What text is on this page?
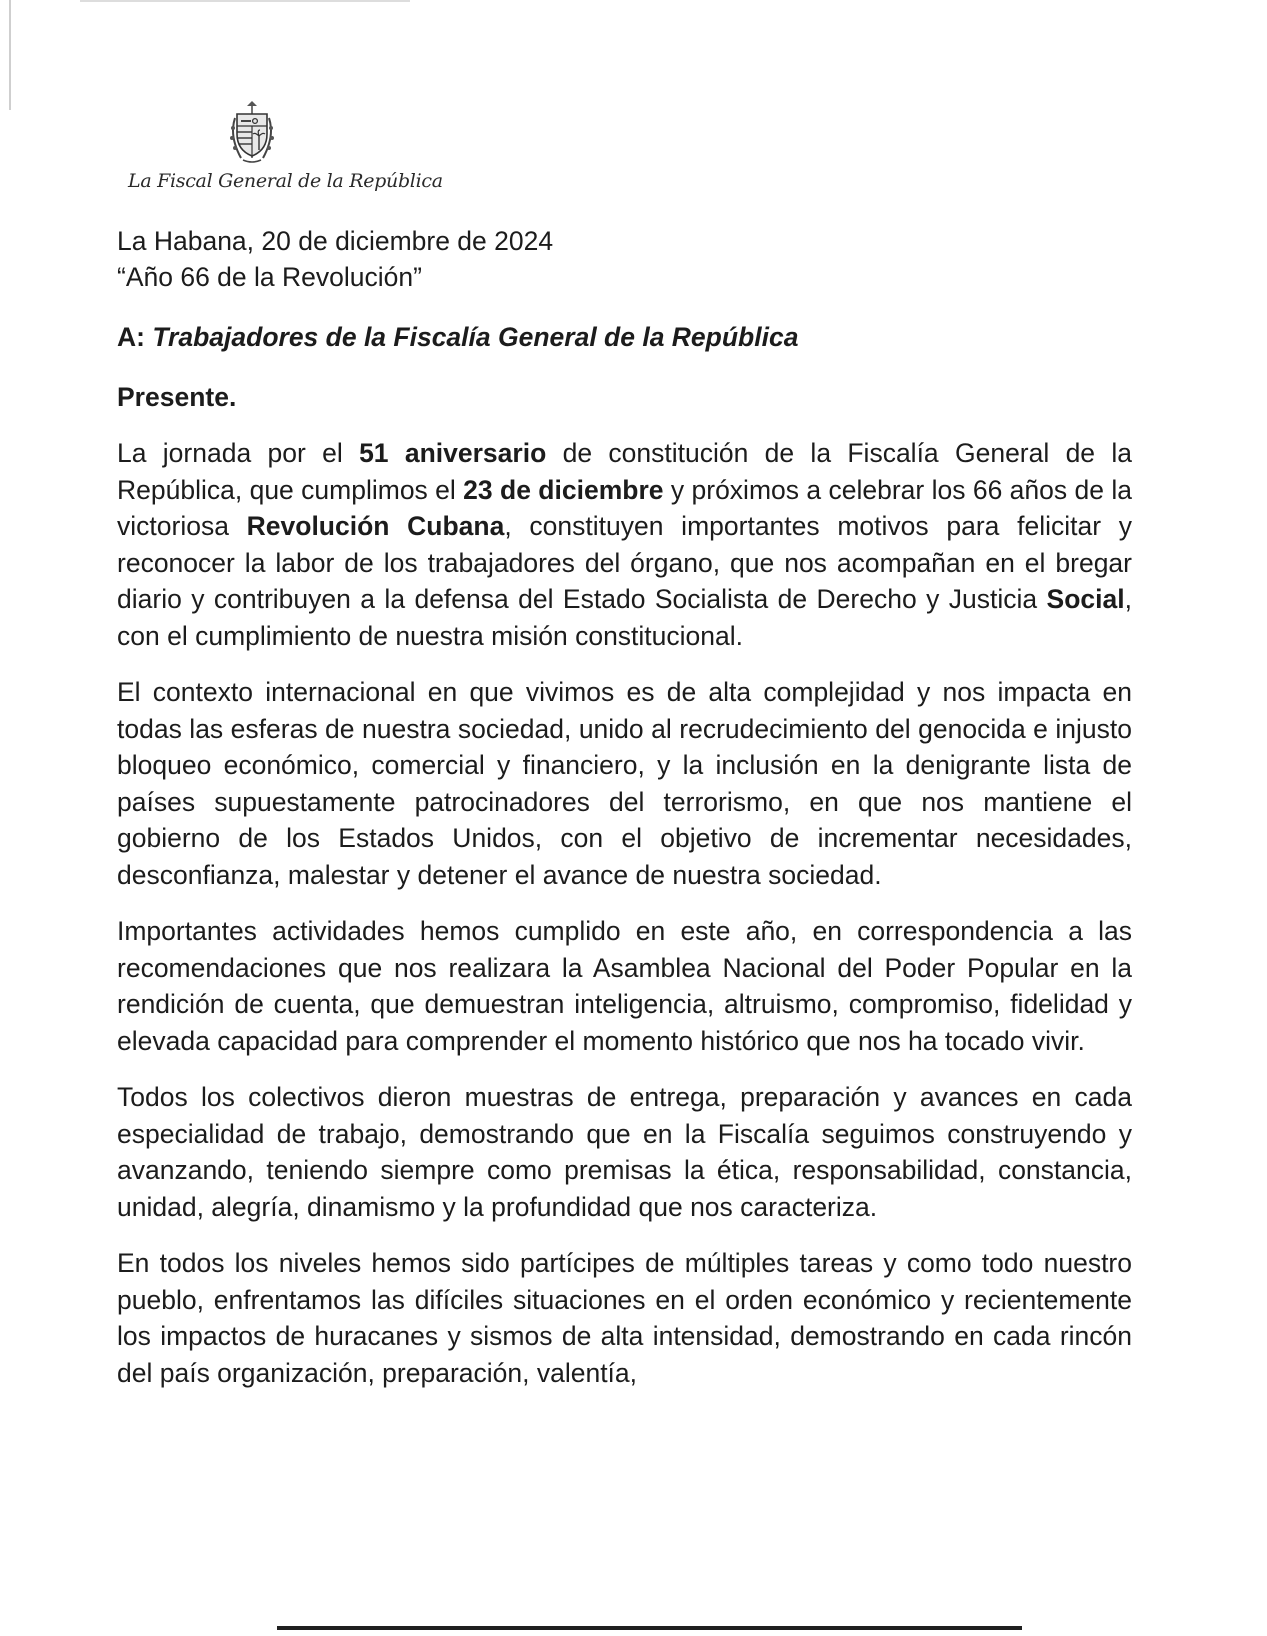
La Fiscal General de la República

La Habana, 20 de diciembre de 2024

“Año 66 de la Revolución”

A: Trabajadores de la Fiscalía General de la República

Presente.

La jornada por el 51 aniversario de constitución de la Fiscalía General de la República, que cumplimos el 23 de diciembre y próximos a celebrar los 66 años de la victoriosa Revolución Cubana, constituyen importantes motivos para felicitar y reconocer la labor de los trabajadores del órgano, que nos acompañan en el bregar diario y contribuyen a la defensa del Estado Socialista de Derecho y Justicia Social, con el cumplimiento de nuestra misión constitucional.

El contexto internacional en que vivimos es de alta complejidad y nos impacta en todas las esferas de nuestra sociedad, unido al recrudecimiento del genocida e injusto bloqueo económico, comercial y financiero, y la inclusión en la denigrante lista de países supuestamente patrocinadores del terrorismo, en que nos mantiene el gobierno de los Estados Unidos, con el objetivo de incrementar necesidades, desconfianza, malestar y detener el avance de nuestra sociedad.

Importantes actividades hemos cumplido en este año, en correspondencia a las recomendaciones que nos realizara la Asamblea Nacional del Poder Popular en la rendición de cuenta, que demuestran inteligencia, altruismo, compromiso, fidelidad y elevada capacidad para comprender el momento histórico que nos ha tocado vivir.

Todos los colectivos dieron muestras de entrega, preparación y avances en cada especialidad de trabajo, demostrando que en la Fiscalía seguimos construyendo y avanzando, teniendo siempre como premisas la ética, responsabilidad, constancia, unidad, alegría, dinamismo y la profundidad que nos caracteriza.

En todos los niveles hemos sido partícipes de múltiples tareas y como todo nuestro pueblo, enfrentamos las difíciles situaciones en el orden económico y recientemente los impactos de huracanes y sismos de alta intensidad, demostrando en cada rincón del país organización, preparación, valentía,
